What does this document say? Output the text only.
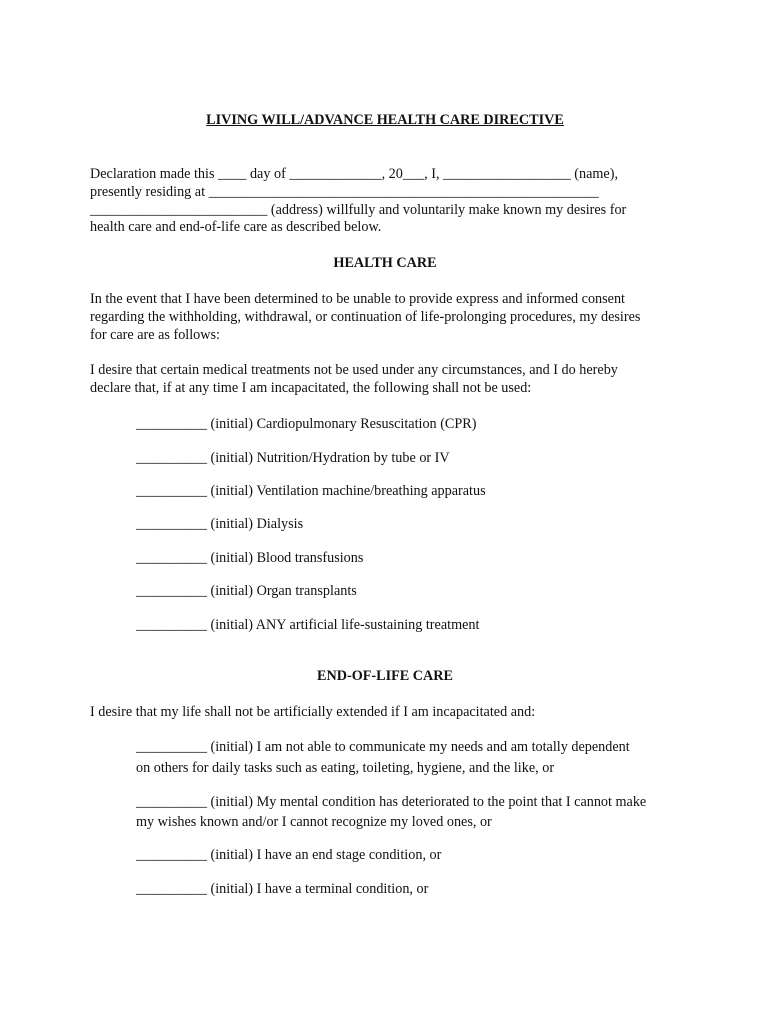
LIVING WILL/ADVANCE HEALTH CARE DIRECTIVE
Declaration made this ____ day of _____________, 20___, I, __________________ (name),
presently residing at _______________________________________________________
_________________________ (address) willfully and voluntarily make known my desires for
health care and end-of-life care as described below.
HEALTH CARE
In the event that I have been determined to be unable to provide express and informed consent
regarding the withholding, withdrawal, or continuation of life-prolonging procedures, my desires
for care are as follows:
I desire that certain medical treatments not be used under any circumstances, and I do hereby
declare that, if at any time I am incapacitated, the following shall not be used:
__________ (initial) Cardiopulmonary Resuscitation (CPR)
__________ (initial) Nutrition/Hydration by tube or IV
__________ (initial) Ventilation machine/breathing apparatus
__________ (initial) Dialysis
__________ (initial) Blood transfusions
__________ (initial) Organ transplants
__________ (initial) ANY artificial life-sustaining treatment
END-OF-LIFE CARE
I desire that my life shall not be artificially extended if I am incapacitated and:
__________ (initial) I am not able to communicate my needs and am totally dependent
on others for daily tasks such as eating, toileting, hygiene, and the like, or
__________ (initial) My mental condition has deteriorated to the point that I cannot make
my wishes known and/or I cannot recognize my loved ones, or
__________ (initial) I have an end stage condition, or
__________ (initial) I have a terminal condition, or
